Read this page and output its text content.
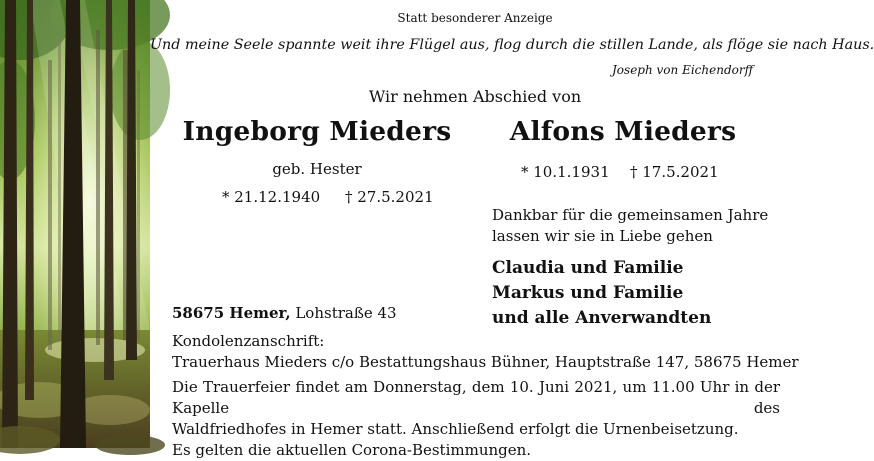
Statt besonderer Anzeige
Und meine Seele spannte weit ihre Flügel aus, flog durch die stillen Lande, als flöge sie nach Haus.
Joseph von Eichendorff
Wir nehmen Abschied von
Ingeborg Mieders
geb. Hester
* 21.12.1940 † 27.5.2021
Alfons Mieders
* 10.1.1931 † 17.5.2021
Dankbar für die gemeinsamen Jahre
lassen wir sie in Liebe gehen
Claudia und Familie
Markus und Familie
und alle Anverwandten
58675 Hemer, Lohstraße 43
Kondolenzanschrift:
Trauerhaus Mieders c/o Bestattungshaus Bühner, Hauptstraße 147, 58675 Hemer
Die Trauerfeier findet am Donnerstag, dem 10. Juni 2021, um 11.00 Uhr in der Kapelle des
Waldfriedhofes in Hemer statt. Anschließend erfolgt die Urnenbeisetzung.
Es gelten die aktuellen Corona-Bestimmungen.
